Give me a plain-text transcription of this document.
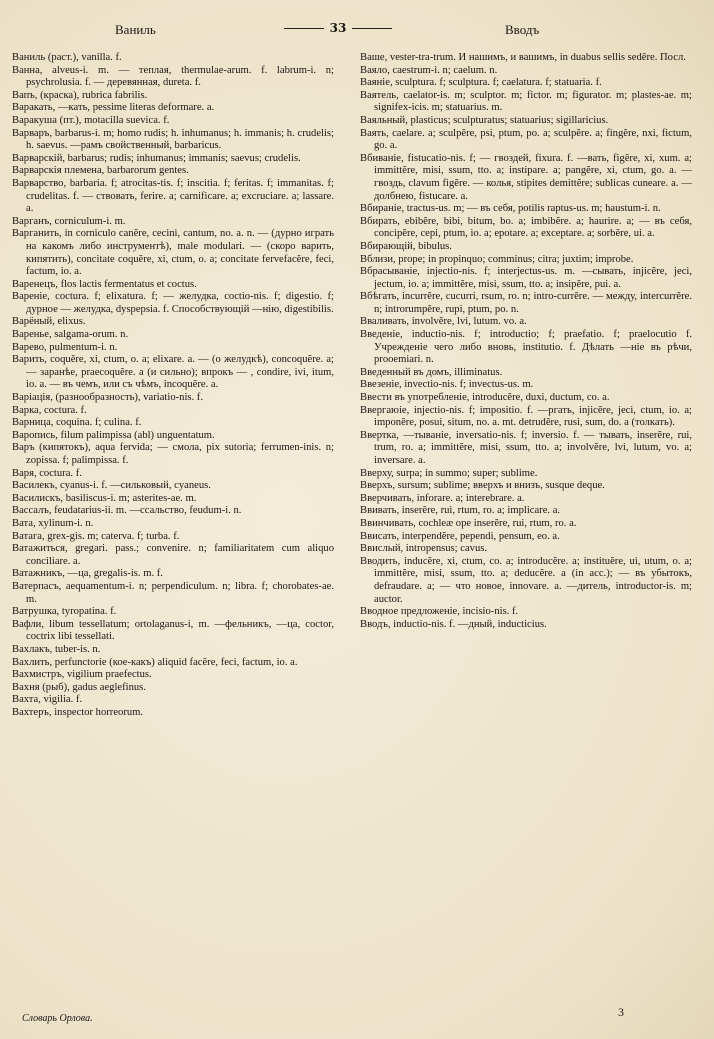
Ваниль	33	Вводъ

Ваниль (раст.), vanilla. f.

Ванна, alveus-i. m. — теплая, thermulae-arum. f. labrum-i. n; psychrolusia. f. — деревянная, dureta. f.

Вапъ, (краска), rubrica fabrilis.

Варакать, —кать, pessime literas deformare. a.

Варакуша (пт.), motacilla suevica. f.

Варваръ, barbarus-i. m; homo rudis; h. inhumanus; h. immanis; h. crudelis; h. saevus. —рамъ свойственный, barbaricus.

Варварскій, barbarus; rudis; inhumanus; immanis; saevus; crudelis.

Варварскія племена, barbarorum gentes.

Варварство, barbaria. f; atrocitas-tis. f; inscitia. f; feritas. f; immanitas. f; crudelitas. f. — ствовать, ferire. a; carnificare. a; excruciare. a; lassare. a.

Варганъ, corniculum-i. m.

Варганить, in corniculo canĕre, cecini, cantum, no. a. n. — (дурно играть на какомъ либо инструментѣ), male modulari. — (скоро варить, кипятить), concitate coquĕre, xi, ctum, o. a; concitate fervefacĕre, feci, factum, io. a.

Варенецъ, flos lactis fermentatus et coctus.

Вареніе, coctura. f; elixatura. f; — желудка, coctio-nis. f; digestio. f; дурное — желудка, dyspepsia. f. Способствующій —нію, digestibilis.

Варёный, elixus.

Варенье, salgama-orum. n.

Варево, pulmentum-i. n.

Варить, coquĕre, xi, ctum, o. a; elixare. a. — (о желудкѣ), concoquĕre. a; — заранѣе, praecoquĕre. a (и сильно); впрокъ — , condire, ivi, itum, io. a. — въ чемъ, или съ чѣмъ, incoquĕre. a.

Варіація, (разнообразность), variatio-nis. f.

Варка, coctura. f.

Варница, coquina. f; culina. f.

Варопись, filum palimpissa (abl) unguentatum.

Варъ (кипятокъ), aqua fervida; — смола, pix sutoria; ferrumen-inis. n; zopissa. f; palimpissa. f.

Варя, coctura. f.

Василекъ, cyanus-i. f. —сильковый, cyaneus.

Василискъ, basiliscus-i. m; asterites-ae. m.

Вассалъ, feudatarius-ii. m. —ссальство, feudum-i. n.

Вата, xylinum-i. n.

Ватага, grex-gis. m; caterva. f; turba. f.

Ватажиться, gregari. pass.; convenire. n; familiaritatem cum aliquo conciliare. a.

Ватажникъ, —ца, gregalis-is. m. f.

Ватерпасъ, aequamentum-i. n; perpendiculum. n; libra. f; chorobates-ae. m.

Ватрушка, tyropatina. f.

Вафли, libum tessellatum; ortolaganus-i, m. —фельникъ, —ца, coctor, coctrix libi tessellati.

Вахлакъ, tuber-is. n.

Вахлить, perfunctorie (кое-какъ) aliquid facĕre, feci, factum, io. a.

Вахмистръ, vigilium praefectus.

Вахня (рыб), gadus aeglefinus.

Вахта, vigilia. f.

Вахтеръ, inspector horreorum.

Ваше, vester-tra-trum. И нашимъ, и вашимъ, in duabus sellis sedĕre. Посл.

Ваяло, caestrum-i. n; caelum. n.

Ваяніе, sculptura. f; sculptura. f; caelatura. f; statuaria. f.

Ваятель, caelator-is. m; sculptor. m; fictor. m; figurator. m; plastes-ae. m; signifex-icis. m; statuarius. m.

Ваяльный, plasticus; sculpturatus; statuarius; sigillaricius.

Ваять, caelare. a; sculpĕre, psi, ptum, po. a; sculpĕre. a; fingĕre, nxi, fictum, go. a.

Вбиваніе, fistucatio-nis. f; — гвоздей, fixura. f. —вать, figĕre, xi, xum. a; immittĕre, misi, ssum, tto. a; instipare. a; pangĕre, xi, ctum, go. a. — гвоздь, clavum figĕre. — колья, stipites demittĕre; sublicas cuneare. a. — долбнею, fistucare. a.

Вбираніе, tractus-us. m; — въ себя, potilis raptus-us. m; haustum-i. n.

Вбирать, ebibĕre, bibi, bitum, bo. a; imbibĕre. a; haurire. a; — въ себя, concipĕre, cepi, ptum, io. a; epotare. a; exceptare. a; sorbĕre, ui. a.

Вбирающій, bibulus.

Вблизи, prope; in propinquo; comminus; citra; juxtim; improbe.

Вбрасываніе, injectio-nis. f; interjectus-us. m. —сывать, injicĕre, jeci, jectum, io. a; immittĕre, misi, ssum, tto. a; insipĕre, pui. a.

Вбѣгать, incurrĕre, cucurri, rsum, ro. n; intro-currĕre. — между, intercurrĕre. n; introrumpĕre, rupi, ptum, po. n.

Вваливать, involvĕre, lvi, lutum. vo. a.

Введеніе, inductio-nis. f; introductio; f; praefatio. f; praelocutio f. Учрежденіе чего либо вновь, institutio. f. Дѣлать —ніе въ рѣчи, prooemiari. n.

Введенный въ домъ, illiminatus.

Ввезеніе, invectio-nis. f; invectus-us. m.

Ввести въ употребленіе, introducĕre, duxi, ductum, co. a.

Ввергаюіе, injectio-nis. f; impositio. f. —ргать, injicĕre, jeci, ctum, io. a; imponĕre, posui, situm, no. a. mt. detrudĕre, rusi, sum, do. a (толкать).

Ввертка, —тываніе, inversatio-nis. f; inversio. f. — тывать, inserĕre, rui, trum, ro. a; immittĕre, misi, ssum, tto. a; involvĕre, lvi, lutum, vo. a; inversare. a.

Вверху, surpa; in summo; super; sublime.

Вверхъ, sursum; sublime; вверхъ и внизъ, susque deque.

Вверчивать, inforare. a; interebrare. a.

Ввивать, inserĕre, rui, rtum, ro. a; implicare. a.

Ввинчивать, cochleæ ope inserĕre, rui, rtum, ro. a.

Ввисать, interpendĕre, pependi, pensum, eo. a.

Ввислый, intropensus; cavus.

Вводить, inducĕre, xi, ctum, co. a; introducĕre. a; instituĕre, ui, utum, o. a; immittĕre, misi, ssum, tto. a; deducĕre. a (in acc.); — въ убытокъ, defraudare. a; — что новое, innovare. a. —дитель, introductor-is. m; auctor.

Вводное предложеніе, incisio-nis. f.

Вводъ, inductio-nis. f. —дный, inducticius.

Словарь Орлова.	3
